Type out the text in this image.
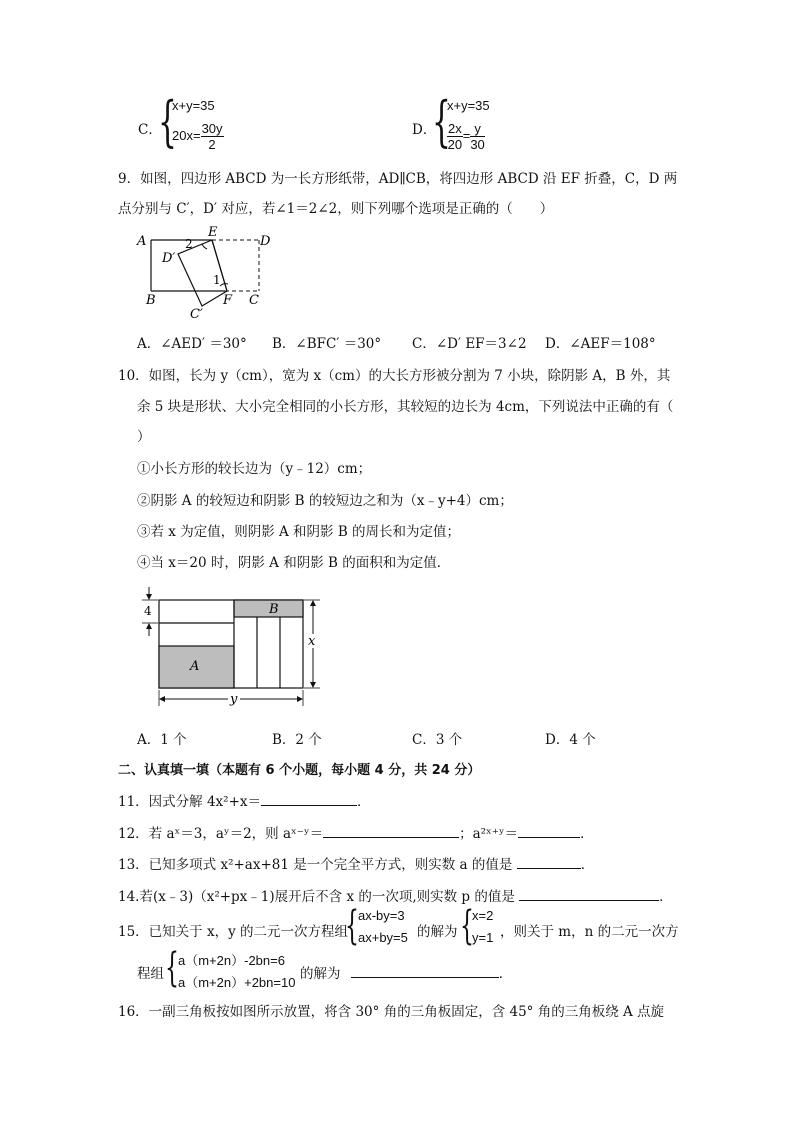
C．
{
x+y=35
$20x= \frac{30y}{2}$	D．
{
x+y=35
$\frac{2x}{20} = \frac{y}{30}$
9．如图，四边形 ABCD 为一长方形纸带，AD∥CB，将四边形 ABCD 沿 EF 折叠，C，D 两
点分别与 C′，D′ 对应，若∠1＝2∠2，则下列哪个选项是正确的（　　）
A
E
D
B	F C
D′
C′
1
2
A．∠AED′ ＝30° B．∠BFC′ ＝30° C．∠D′ EF＝3∠2 D．∠AEF＝108°
10．如图，长为 y（cm），宽为 x（cm）的大长方形被分割为 7 小块，除阴影 A，B 外，其
余 5 块是形状、大小完全相同的小长方形，其较短的边长为 4cm，下列说法中正确的有（
）
①小长方形的较长边为（y﹣12）cm；
②阴影 A 的较短边和阴影 B 的较短边之和为（x﹣y+4）cm；
③若 x 为定值，则阴影 A 和阴影 B 的周长和为定值；
④当 x＝20 时，阴影 A 和阴影 B 的面积和为定值．
4
x
y
A
B
A．1 个	B．2 个	C．3 个	D．4 个
二、认真填一填（本题有 6 个小题，每小题 4 分，共 24 分）
11．因式分解 4x²+x＝	．
12．若 aˣ＝3，aʸ＝2，则 aˣ⁻ʸ＝	；a²ˣ⁺ʸ＝	．
13．已知多项式 x²+ax+81 是一个完全平方式，则实数 a 的值是	．
14.若(x﹣3)（x²+px﹣1)展开后不含 x 的一次项,则实数 p 的值是	．
15．已知关于 x，y 的二元一次方程组
{ ax-by=3
ax+by=5 的解为 {
x=2
y=1 ，则关于 m，n 的二元一次方
程组 { a（m+2n）-2bn=6
a（m+2n）+2bn=10
的解为	．
16．一副三角板按如图所示放置，将含 30° 角的三角板固定，含 45° 角的三角板绕 A 点旋
